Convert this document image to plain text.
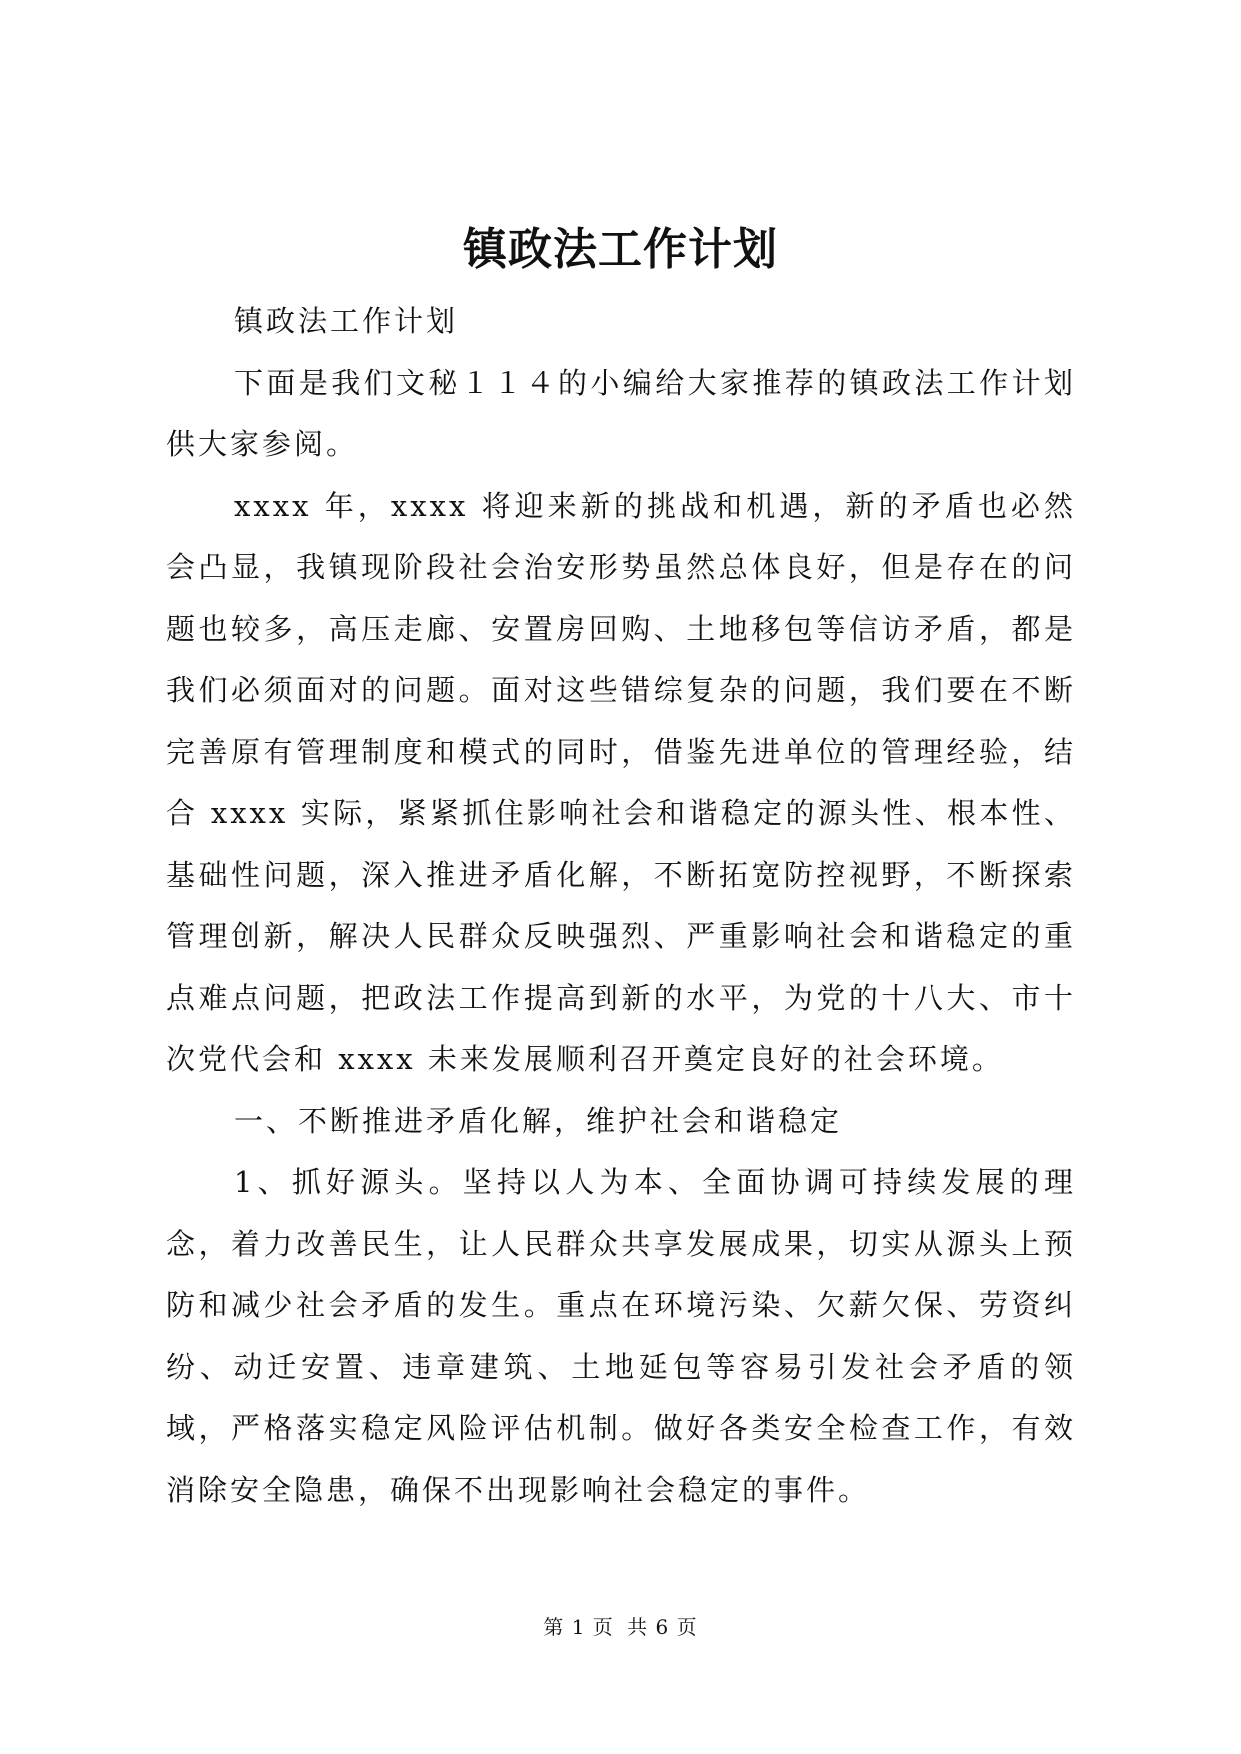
镇政法工作计划

镇政法工作计划

下面是我们文秘１１４的小编给大家推荐的镇政法工作计划供大家参阅。

xxxx 年，xxxx 将迎来新的挑战和机遇，新的矛盾也必然会凸显，我镇现阶段社会治安形势虽然总体良好，但是存在的问题也较多，高压走廊、安置房回购、土地移包等信访矛盾，都是我们必须面对的问题。面对这些错综复杂的问题，我们要在不断完善原有管理制度和模式的同时，借鉴先进单位的管理经验，结合 xxxx 实际，紧紧抓住影响社会和谐稳定的源头性、根本性、基础性问题，深入推进矛盾化解，不断拓宽防控视野，不断探索管理创新，解决人民群众反映强烈、严重影响社会和谐稳定的重点难点问题，把政法工作提高到新的水平，为党的十八大、市十次党代会和 xxxx 未来发展顺利召开奠定良好的社会环境。

一、不断推进矛盾化解，维护社会和谐稳定

1、抓好源头。坚持以人为本、全面协调可持续发展的理念，着力改善民生，让人民群众共享发展成果，切实从源头上预防和减少社会矛盾的发生。重点在环境污染、欠薪欠保、劳资纠纷、动迁安置、违章建筑、土地延包等容易引发社会矛盾的领域，严格落实稳定风险评估机制。做好各类安全检查工作，有效消除安全隐患，确保不出现影响社会稳定的事件。

第 1 页 共 6 页
